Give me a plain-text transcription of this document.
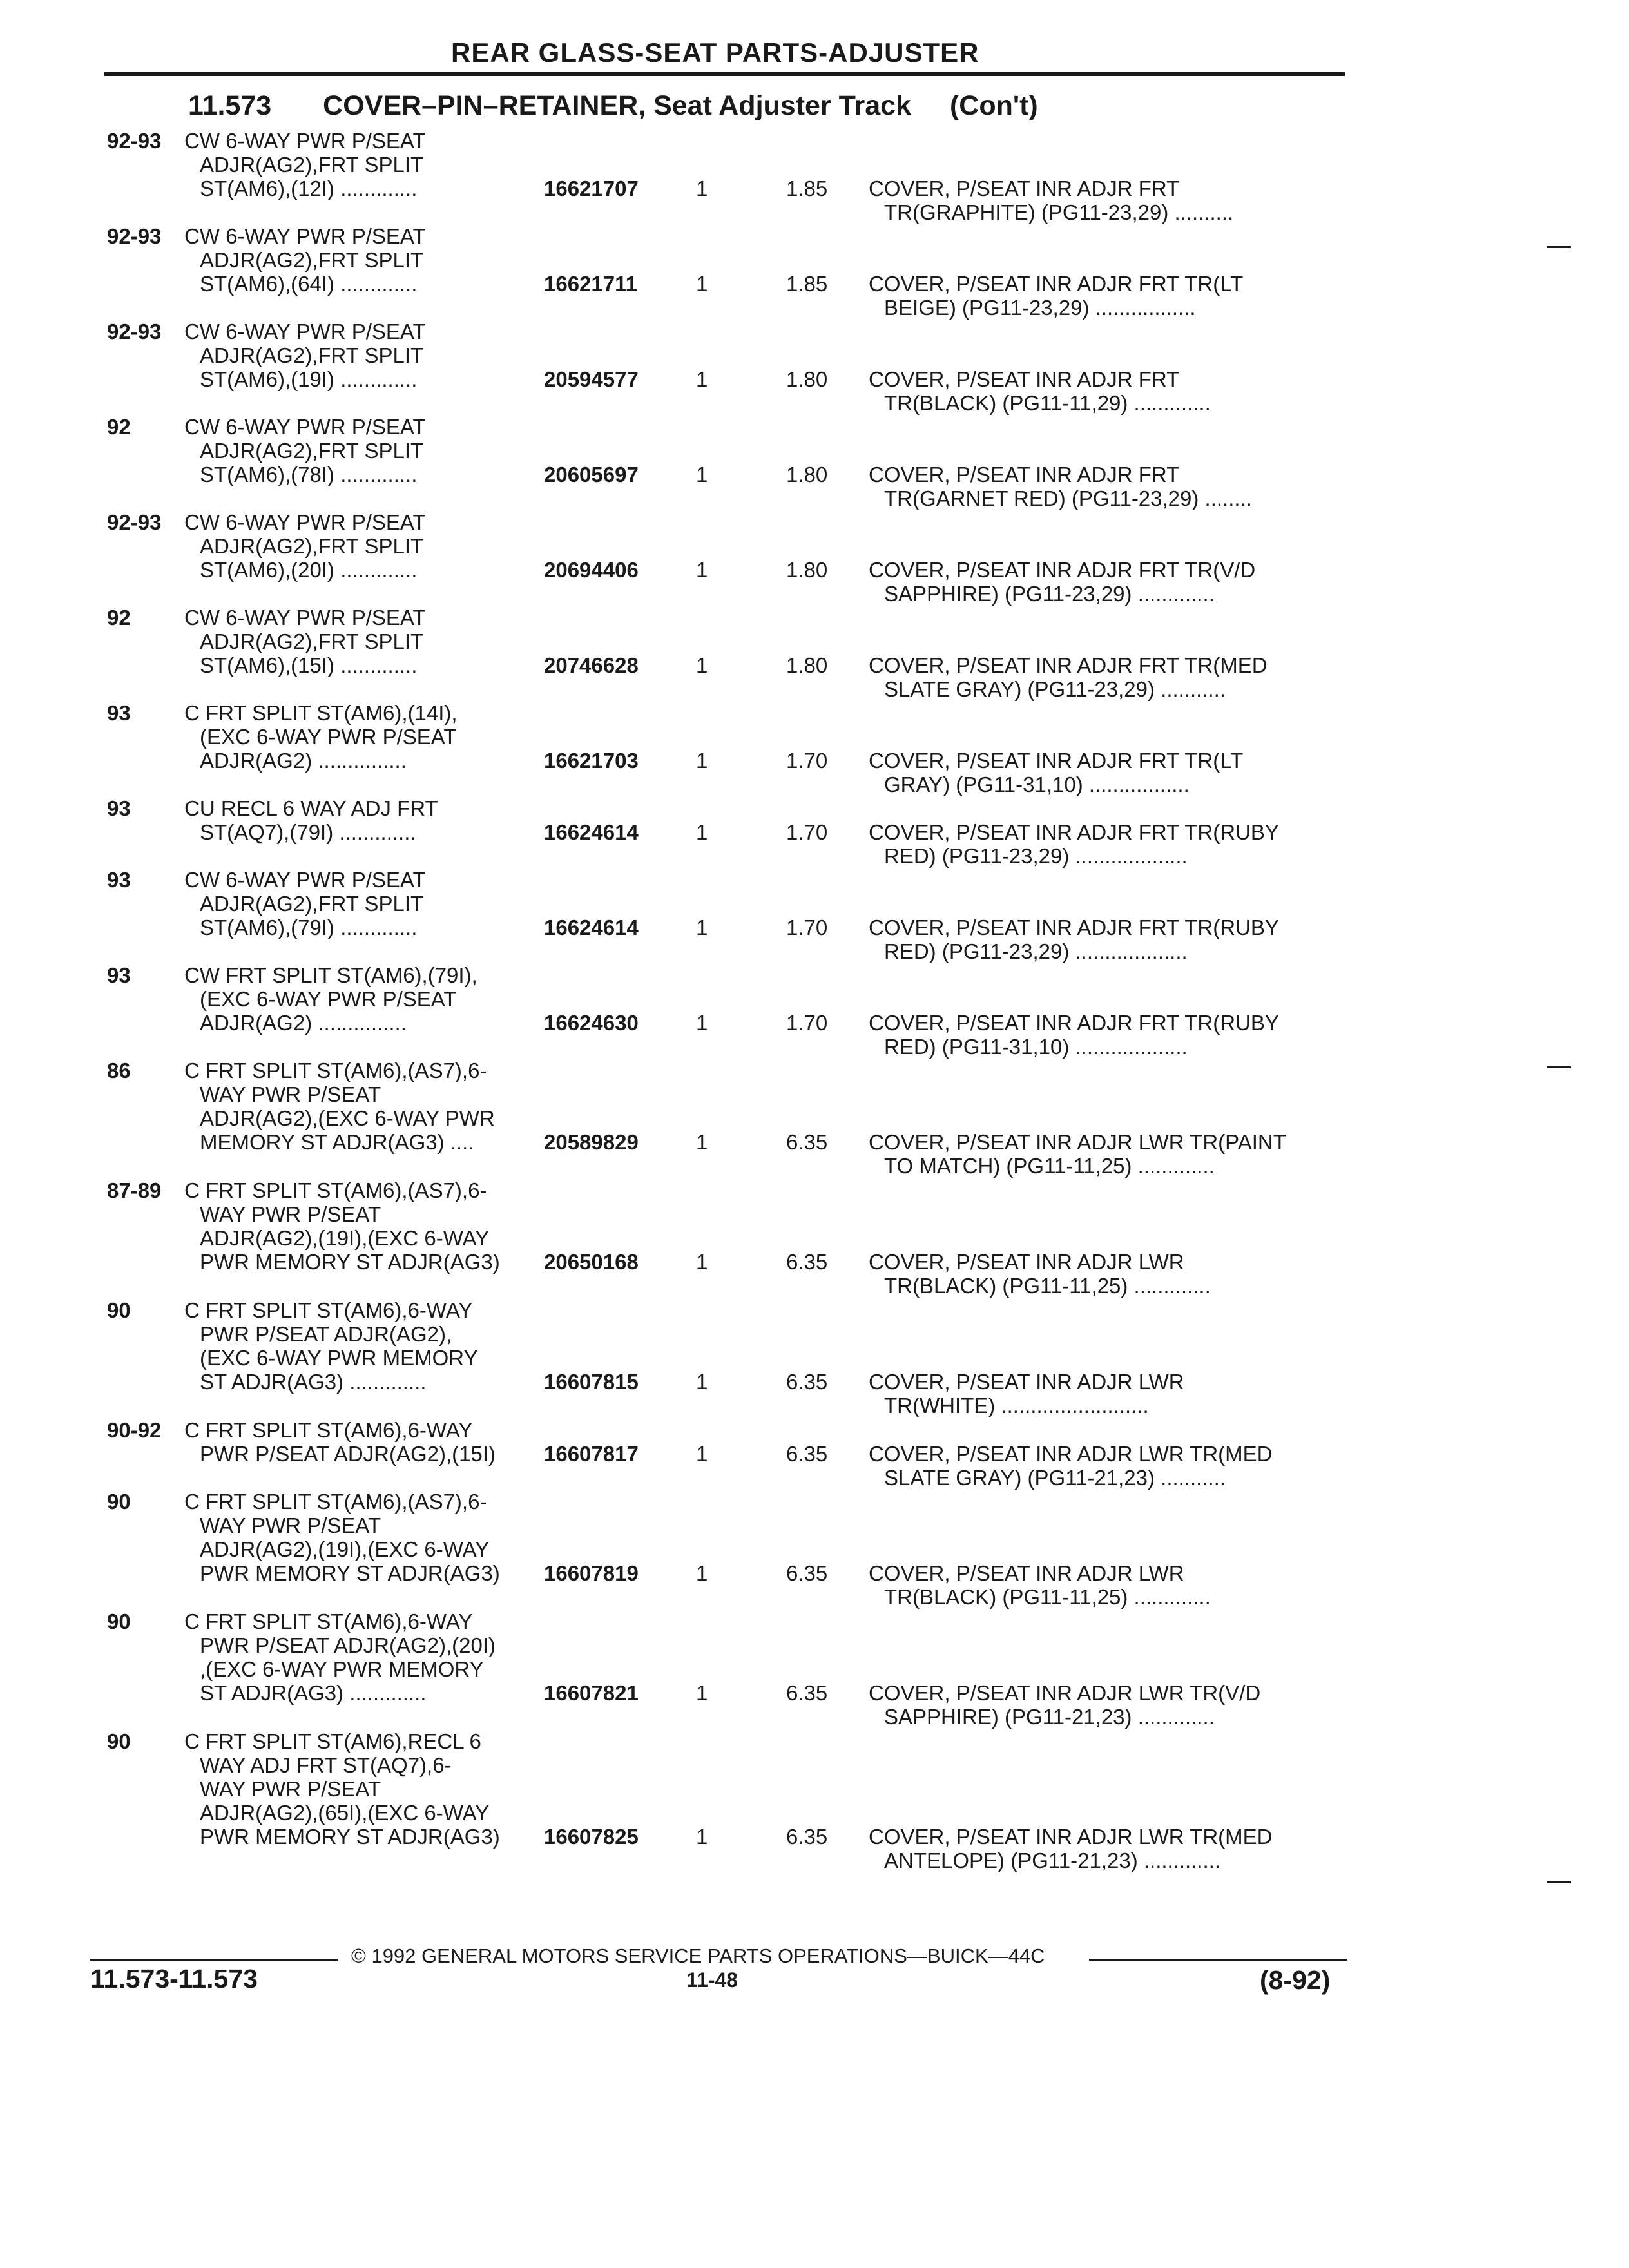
REAR GLASS-SEAT PARTS-ADJUSTER
11.573 COVER–PIN–RETAINER, Seat Adjuster Track (Con't)
92-93 CW 6-WAY PWR P/SEAT
ADJR(AG2),FRT SPLIT
ST(AM6),(12I) .............	16621707	1	1.85 COVER, P/SEAT INR ADJR FRT
TR(GRAPHITE) (PG11-23,29) ..........
92-93 CW 6-WAY PWR P/SEAT
ADJR(AG2),FRT SPLIT
ST(AM6),(64I) .............	16621711	1	1.85 COVER, P/SEAT INR ADJR FRT TR(LT
BEIGE) (PG11-23,29) .................
92-93 CW 6-WAY PWR P/SEAT
ADJR(AG2),FRT SPLIT
ST(AM6),(19I) .............	20594577	1	1.80 COVER, P/SEAT INR ADJR FRT
TR(BLACK) (PG11-11,29) .............
92	CW 6-WAY PWR P/SEAT
ADJR(AG2),FRT SPLIT
ST(AM6),(78I) .............	20605697	1	1.80 COVER, P/SEAT INR ADJR FRT
TR(GARNET RED) (PG11-23,29) ........
92-93 CW 6-WAY PWR P/SEAT
ADJR(AG2),FRT SPLIT
ST(AM6),(20I) .............	20694406	1	1.80 COVER, P/SEAT INR ADJR FRT TR(V/D
SAPPHIRE) (PG11-23,29) .............
92	CW 6-WAY PWR P/SEAT
ADJR(AG2),FRT SPLIT
ST(AM6),(15I) .............	20746628	1	1.80 COVER, P/SEAT INR ADJR FRT TR(MED
SLATE GRAY) (PG11-23,29) ...........
93	C FRT SPLIT ST(AM6),(14I),
(EXC 6-WAY PWR P/SEAT
ADJR(AG2) ...............	16621703	1	1.70 COVER, P/SEAT INR ADJR FRT TR(LT
GRAY) (PG11-31,10) .................
93	CU RECL 6 WAY ADJ FRT
ST(AQ7),(79I) .............	16624614	1	1.70 COVER, P/SEAT INR ADJR FRT TR(RUBY
RED) (PG11-23,29) ...................
93	CW 6-WAY PWR P/SEAT
ADJR(AG2),FRT SPLIT
ST(AM6),(79I) .............	16624614	1	1.70 COVER, P/SEAT INR ADJR FRT TR(RUBY
RED) (PG11-23,29) ...................
93	CW FRT SPLIT ST(AM6),(79I),
(EXC 6-WAY PWR P/SEAT
ADJR(AG2) ...............	16624630	1	1.70 COVER, P/SEAT INR ADJR FRT TR(RUBY
RED) (PG11-31,10) ...................
86	C FRT SPLIT ST(AM6),(AS7),6-
WAY PWR P/SEAT
ADJR(AG2),(EXC 6-WAY PWR
MEMORY ST ADJR(AG3) ....	20589829	1	6.35 COVER, P/SEAT INR ADJR LWR TR(PAINT
TO MATCH) (PG11-11,25) .............
87-89 C FRT SPLIT ST(AM6),(AS7),6-
WAY PWR P/SEAT
ADJR(AG2),(19I),(EXC 6-WAY
PWR MEMORY ST ADJR(AG3) 20650168	1	6.35 COVER, P/SEAT INR ADJR LWR
TR(BLACK) (PG11-11,25) .............
90	C FRT SPLIT ST(AM6),6-WAY
PWR P/SEAT ADJR(AG2),
(EXC 6-WAY PWR MEMORY
ST ADJR(AG3) .............	16607815	1	6.35 COVER, P/SEAT INR ADJR LWR
TR(WHITE) .........................
90-92 C FRT SPLIT ST(AM6),6-WAY
PWR P/SEAT ADJR(AG2),(15I) 16607817	1	6.35 COVER, P/SEAT INR ADJR LWR TR(MED
SLATE GRAY) (PG11-21,23) ...........
90	C FRT SPLIT ST(AM6),(AS7),6-
WAY PWR P/SEAT
ADJR(AG2),(19I),(EXC 6-WAY
PWR MEMORY ST ADJR(AG3) 16607819	1	6.35 COVER, P/SEAT INR ADJR LWR
TR(BLACK) (PG11-11,25) .............
90	C FRT SPLIT ST(AM6),6-WAY
PWR P/SEAT ADJR(AG2),(20I)
,(EXC 6-WAY PWR MEMORY
ST ADJR(AG3) .............	16607821	1	6.35 COVER, P/SEAT INR ADJR LWR TR(V/D
SAPPHIRE) (PG11-21,23) .............
90	C FRT SPLIT ST(AM6),RECL 6
WAY ADJ FRT ST(AQ7),6-
WAY PWR P/SEAT
ADJR(AG2),(65I),(EXC 6-WAY
PWR MEMORY ST ADJR(AG3) 16607825	1	6.35 COVER, P/SEAT INR ADJR LWR TR(MED
ANTELOPE) (PG11-21,23) .............
© 1992 GENERAL MOTORS SERVICE PARTS OPERATIONS—BUICK—44C
11.573-11.573	11-48	(8-92)
